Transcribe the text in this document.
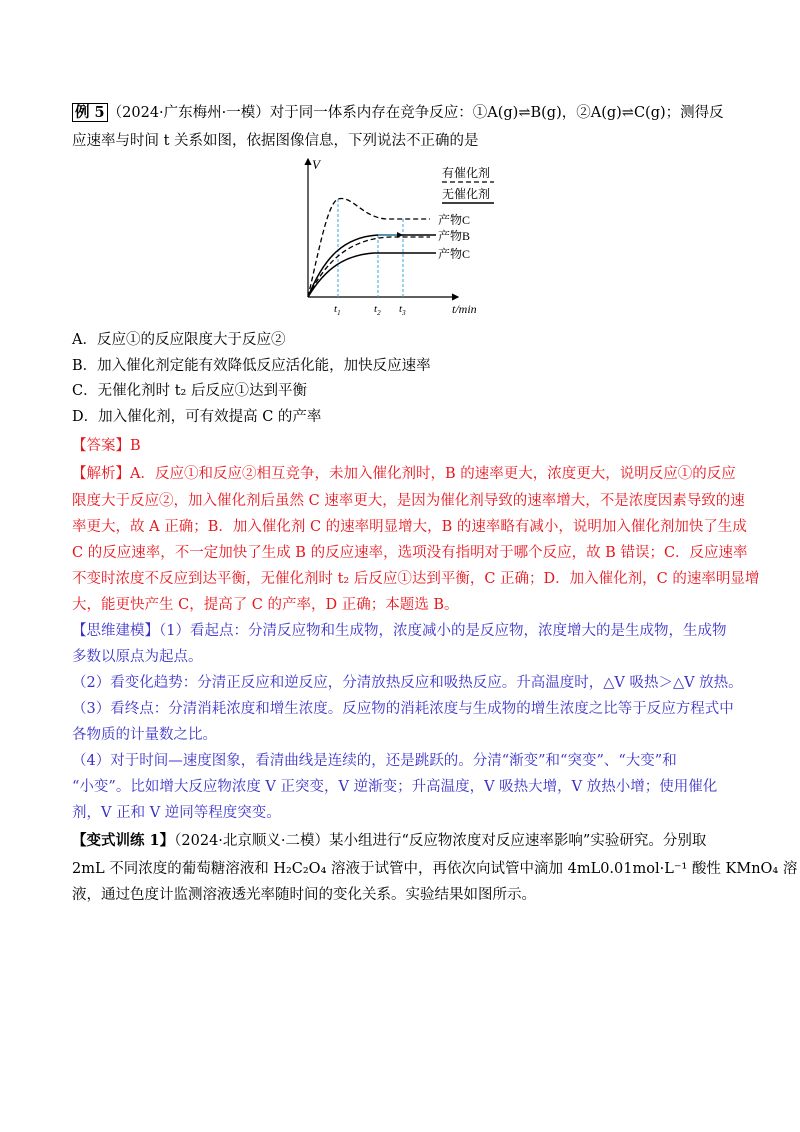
例 5 （2024·广东梅州·一模）对于同一体系内存在竞争反应：①A(g)⇌B(g)，②A(g)⇌C(g)；测得反
应速率与时间 t 关系如图，依据图像信息，下列说法不正确的是
V
t/min
$t_1$	$t_2$ $t_3$
有催化剂
无催化剂
产物C
产物B
产物C
A．反应①的反应限度大于反应②
B．加入催化剂定能有效降低反应活化能，加快反应速率
C．无催化剂时 t₂ 后反应①达到平衡
D．加入催化剂，可有效提高 C 的产率
【答案】B
【解析】A．反应①和反应②相互竞争，未加入催化剂时，B 的速率更大，浓度更大，说明反应①的反应
限度大于反应②，加入催化剂后虽然 C 速率更大，是因为催化剂导致的速率增大，不是浓度因素导致的速
率更大，故 A 正确；B．加入催化剂 C 的速率明显增大，B 的速率略有减小，说明加入催化剂加快了生成
C 的反应速率，不一定加快了生成 B 的反应速率，选项没有指明对于哪个反应，故 B 错误；C．反应速率
不变时浓度不反应到达平衡，无催化剂时 t₂ 后反应①达到平衡，C 正确；D．加入催化剂，C 的速率明显增
大，能更快产生 C，提高了 C 的产率，D 正确；本题选 B。
【思维建模】（1）看起点：分清反应物和生成物，浓度减小的是反应物，浓度增大的是生成物，生成物
多数以原点为起点。
（2）看变化趋势：分清正反应和逆反应，分清放热反应和吸热反应。升高温度时，△V 吸热＞△V 放热。
（3）看终点：分清消耗浓度和增生浓度。反应物的消耗浓度与生成物的增生浓度之比等于反应方程式中
各物质的计量数之比。
（4）对于时间—速度图象，看清曲线是连续的，还是跳跃的。分清“渐变”和“突变”、“大变”和
“小变”。比如增大反应物浓度 V 正突变，V 逆渐变；升高温度，V 吸热大增，V 放热小增；使用催化
剂，V 正和 V 逆同等程度突变。
【变式训练 1】（2024·北京顺义·二模）某小组进行“反应物浓度对反应速率影响”实验研究。分别取
2mL 不同浓度的葡萄糖溶液和 H₂C₂O₄ 溶液于试管中，再依次向试管中滴加 4mL0.01mol·L⁻¹ 酸性 KMnO₄ 溶
液，通过色度计监测溶液透光率随时间的变化关系。实验结果如图所示。
